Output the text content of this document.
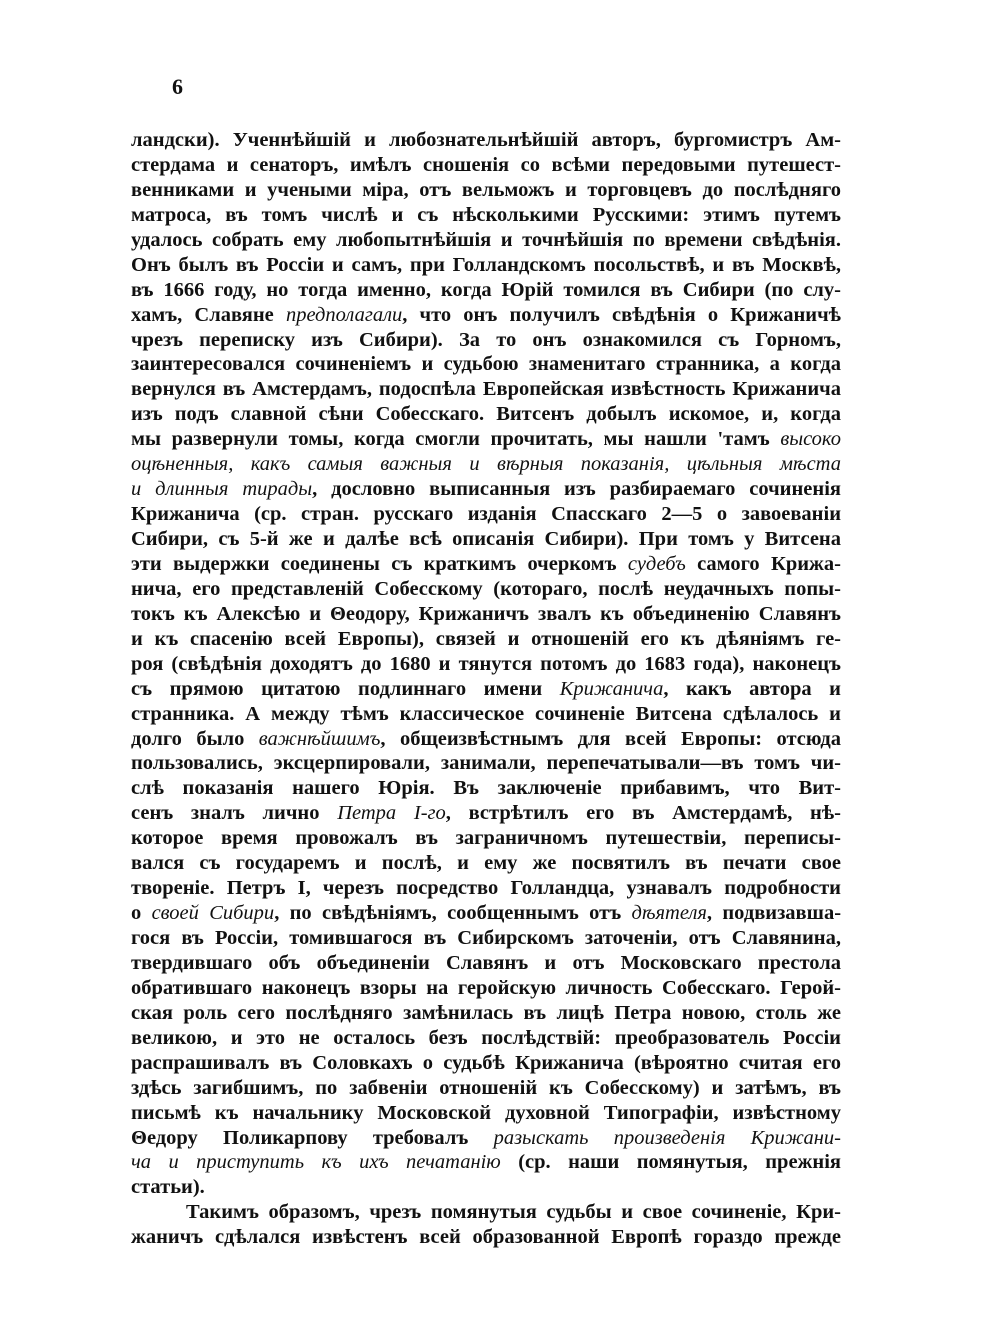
6
ландски). Ученнѣйшій и любознательнѣйшій авторъ, бургомистръ Ам-
стердама и сенаторъ, имѣлъ сношенія со всѣми передовыми путешест-
венниками и учеными міра, отъ вельможъ и торговцевъ до послѣдняго
матроса, въ томъ числѣ и съ нѣсколькими Русскими: этимъ путемъ
удалось собрать ему любопытнѣйшія и точнѣйшія по времени свѣдѣнія.
Онъ былъ въ Россіи и самъ, при Голландскомъ посольствѣ, и въ Москвѣ,
въ 1666 году, но тогда именно, когда Юрій томился въ Сибири (по слу-
хамъ, Славяне предполагали, что онъ получилъ свѣдѣнія о Крижаничѣ
чрезъ переписку изъ Сибири). За то онъ ознакомился съ Горномъ,
заинтересовался сочиненіемъ и судьбою знаменитаго странника, а когда
вернулся въ Амстердамъ, подоспѣла Европейская извѣстность Крижанича
изъ подъ славной сѣни Собесскаго. Витсенъ добылъ искомое, и, когда
мы развернули томы, когда смогли прочитать, мы нашли 'тамъ высоко
оцѣненныя, какъ самыя важныя и вѣрныя показанія, цѣльныя мѣста
и длинныя тирады, дословно выписанныя изъ разбираемаго сочиненія
Крижанича (ср. стран. русскаго изданія Спасскаго 2—5 о завоеваніи
Сибири, съ 5-й же и далѣе всѣ описанія Сибири). При томъ у Витсена
эти выдержки соединены съ краткимъ очеркомъ судебъ самого Крижа-
нича, его представленій Собесскому (котораго, послѣ неудачныхъ попы-
токъ къ Алексѣю и Θеодору, Крижаничъ звалъ къ объединенію Славянъ
и къ спасенію всей Европы), связей и отношеній его къ дѣяніямъ ге-
роя (свѣдѣнія доходятъ до 1680 и тянутся потомъ до 1683 года), наконецъ
съ прямою цитатою подлиннаго имени Крижанича, какъ автора и
странника. А между тѣмъ классическое сочиненіе Витсена сдѣлалось и
долго было важнѣйшимъ, общеизвѣстнымъ для всей Европы: отсюда
пользовались, эксцерпировали, занимали, перепечатывали—въ томъ чи-
слѣ показанія нашего Юрія. Въ заключеніе прибавимъ, что Вит-
сенъ зналъ лично Петра I-го, встрѣтилъ его въ Амстердамѣ, нѣ-
которое время провожалъ въ заграничномъ путешествіи, переписы-
вался съ государемъ и послѣ, и ему же посвятилъ въ печати свое
твореніе. Петръ I, черезъ посредство Голландца, узнавалъ подробности
о своей Сибири, по свѣдѣніямъ, сообщеннымъ отъ дѣятеля, подвизавша-
гося въ Россіи, томившагося въ Сибирскомъ заточеніи, отъ Славянина,
твердившаго объ объединеніи Славянъ и отъ Московскаго престола
обратившаго наконецъ взоры на геройскую личность Собесскаго. Герой-
ская роль сего послѣдняго замѣнилась въ лицѣ Петра новою, столь же
великою, и это не осталось безъ послѣдствій: преобразователь Россіи
распрашивалъ въ Соловкахъ о судьбѣ Крижанича (вѣроятно считая его
здѣсь загибшимъ, по забвеніи отношеній къ Собесскому) и затѣмъ, въ
письмѣ къ начальнику Московской духовной Типографіи, извѣстному
Θедору Поликарпову требовалъ разыскать произведенія Крижани-
ча и приступить къ ихъ печатанію (ср. наши помянутыя, прежнія
статьи).
Такимъ образомъ, чрезъ помянутыя судьбы и свое сочиненіе, Кри-
жаничъ сдѣлался извѣстенъ всей образованной Европѣ гораздо прежде
